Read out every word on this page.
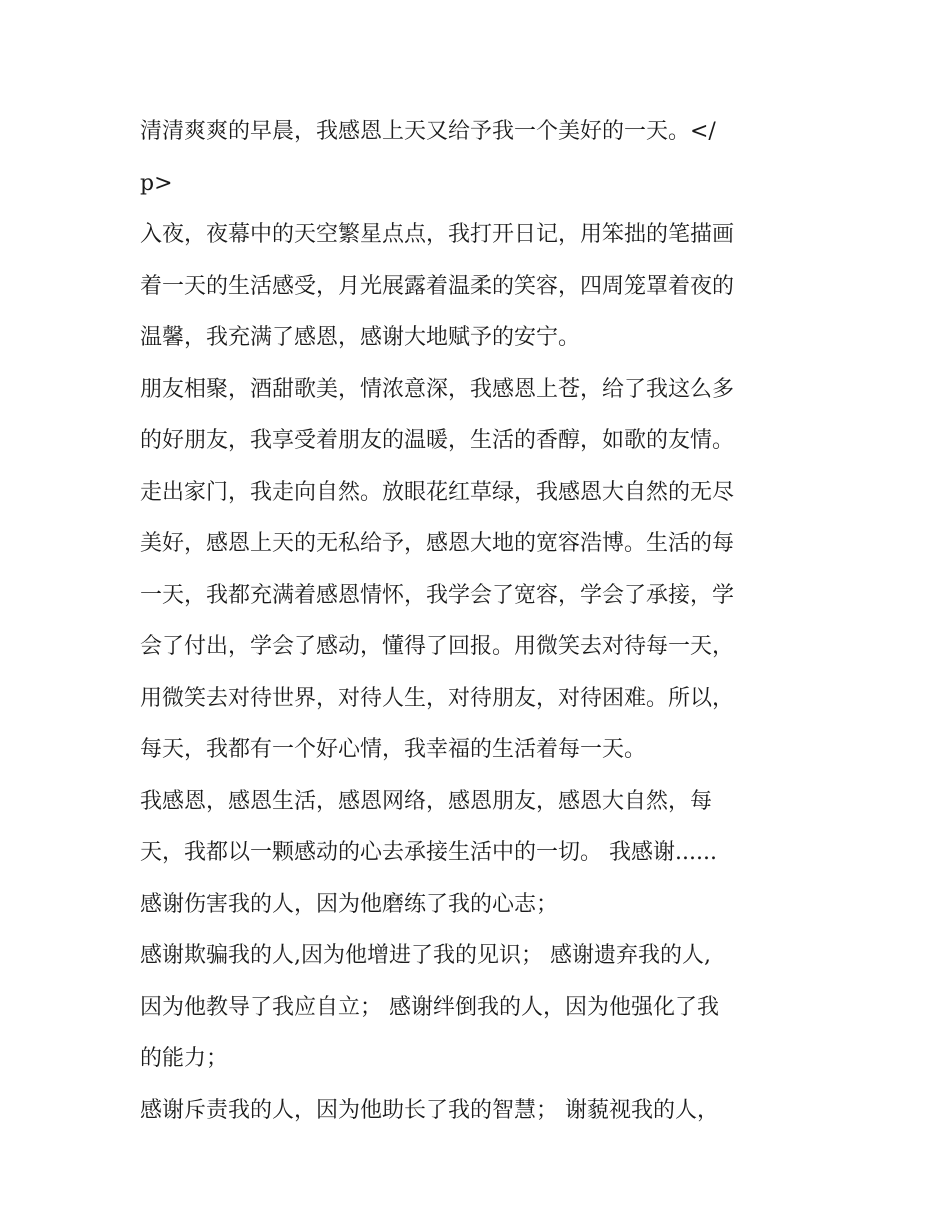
清清爽爽的早晨，我感恩上天又给予我一个美好的一天。</
p>
入夜，夜幕中的天空繁星点点，我打开日记，用笨拙的笔描画
着一天的生活感受，月光展露着温柔的笑容，四周笼罩着夜的
温馨，我充满了感恩，感谢大地赋予的安宁。
朋友相聚，酒甜歌美，情浓意深，我感恩上苍，给了我这么多
的好朋友，我享受着朋友的温暖，生活的香醇，如歌的友情。
走出家门，我走向自然。放眼花红草绿，我感恩大自然的无尽
美好，感恩上天的无私给予，感恩大地的宽容浩博。生活的每
一天，我都充满着感恩情怀，我学会了宽容，学会了承接，学
会了付出，学会了感动，懂得了回报。用微笑去对待每一天，
用微笑去对待世界，对待人生，对待朋友，对待困难。所以，
每天，我都有一个好心情，我幸福的生活着每一天。
我感恩，感恩生活，感恩网络，感恩朋友，感恩大自然，每
天，我都以一颗感动的心去承接生活中的一切。 我感谢......
感谢伤害我的人，因为他磨练了我的心志；
感谢欺骗我的人,因为他增进了我的见识； 感谢遗弃我的人,
因为他教导了我应自立； 感谢绊倒我的人，因为他强化了我
的能力；
感谢斥责我的人，因为他助长了我的智慧； 谢藐视我的人，
